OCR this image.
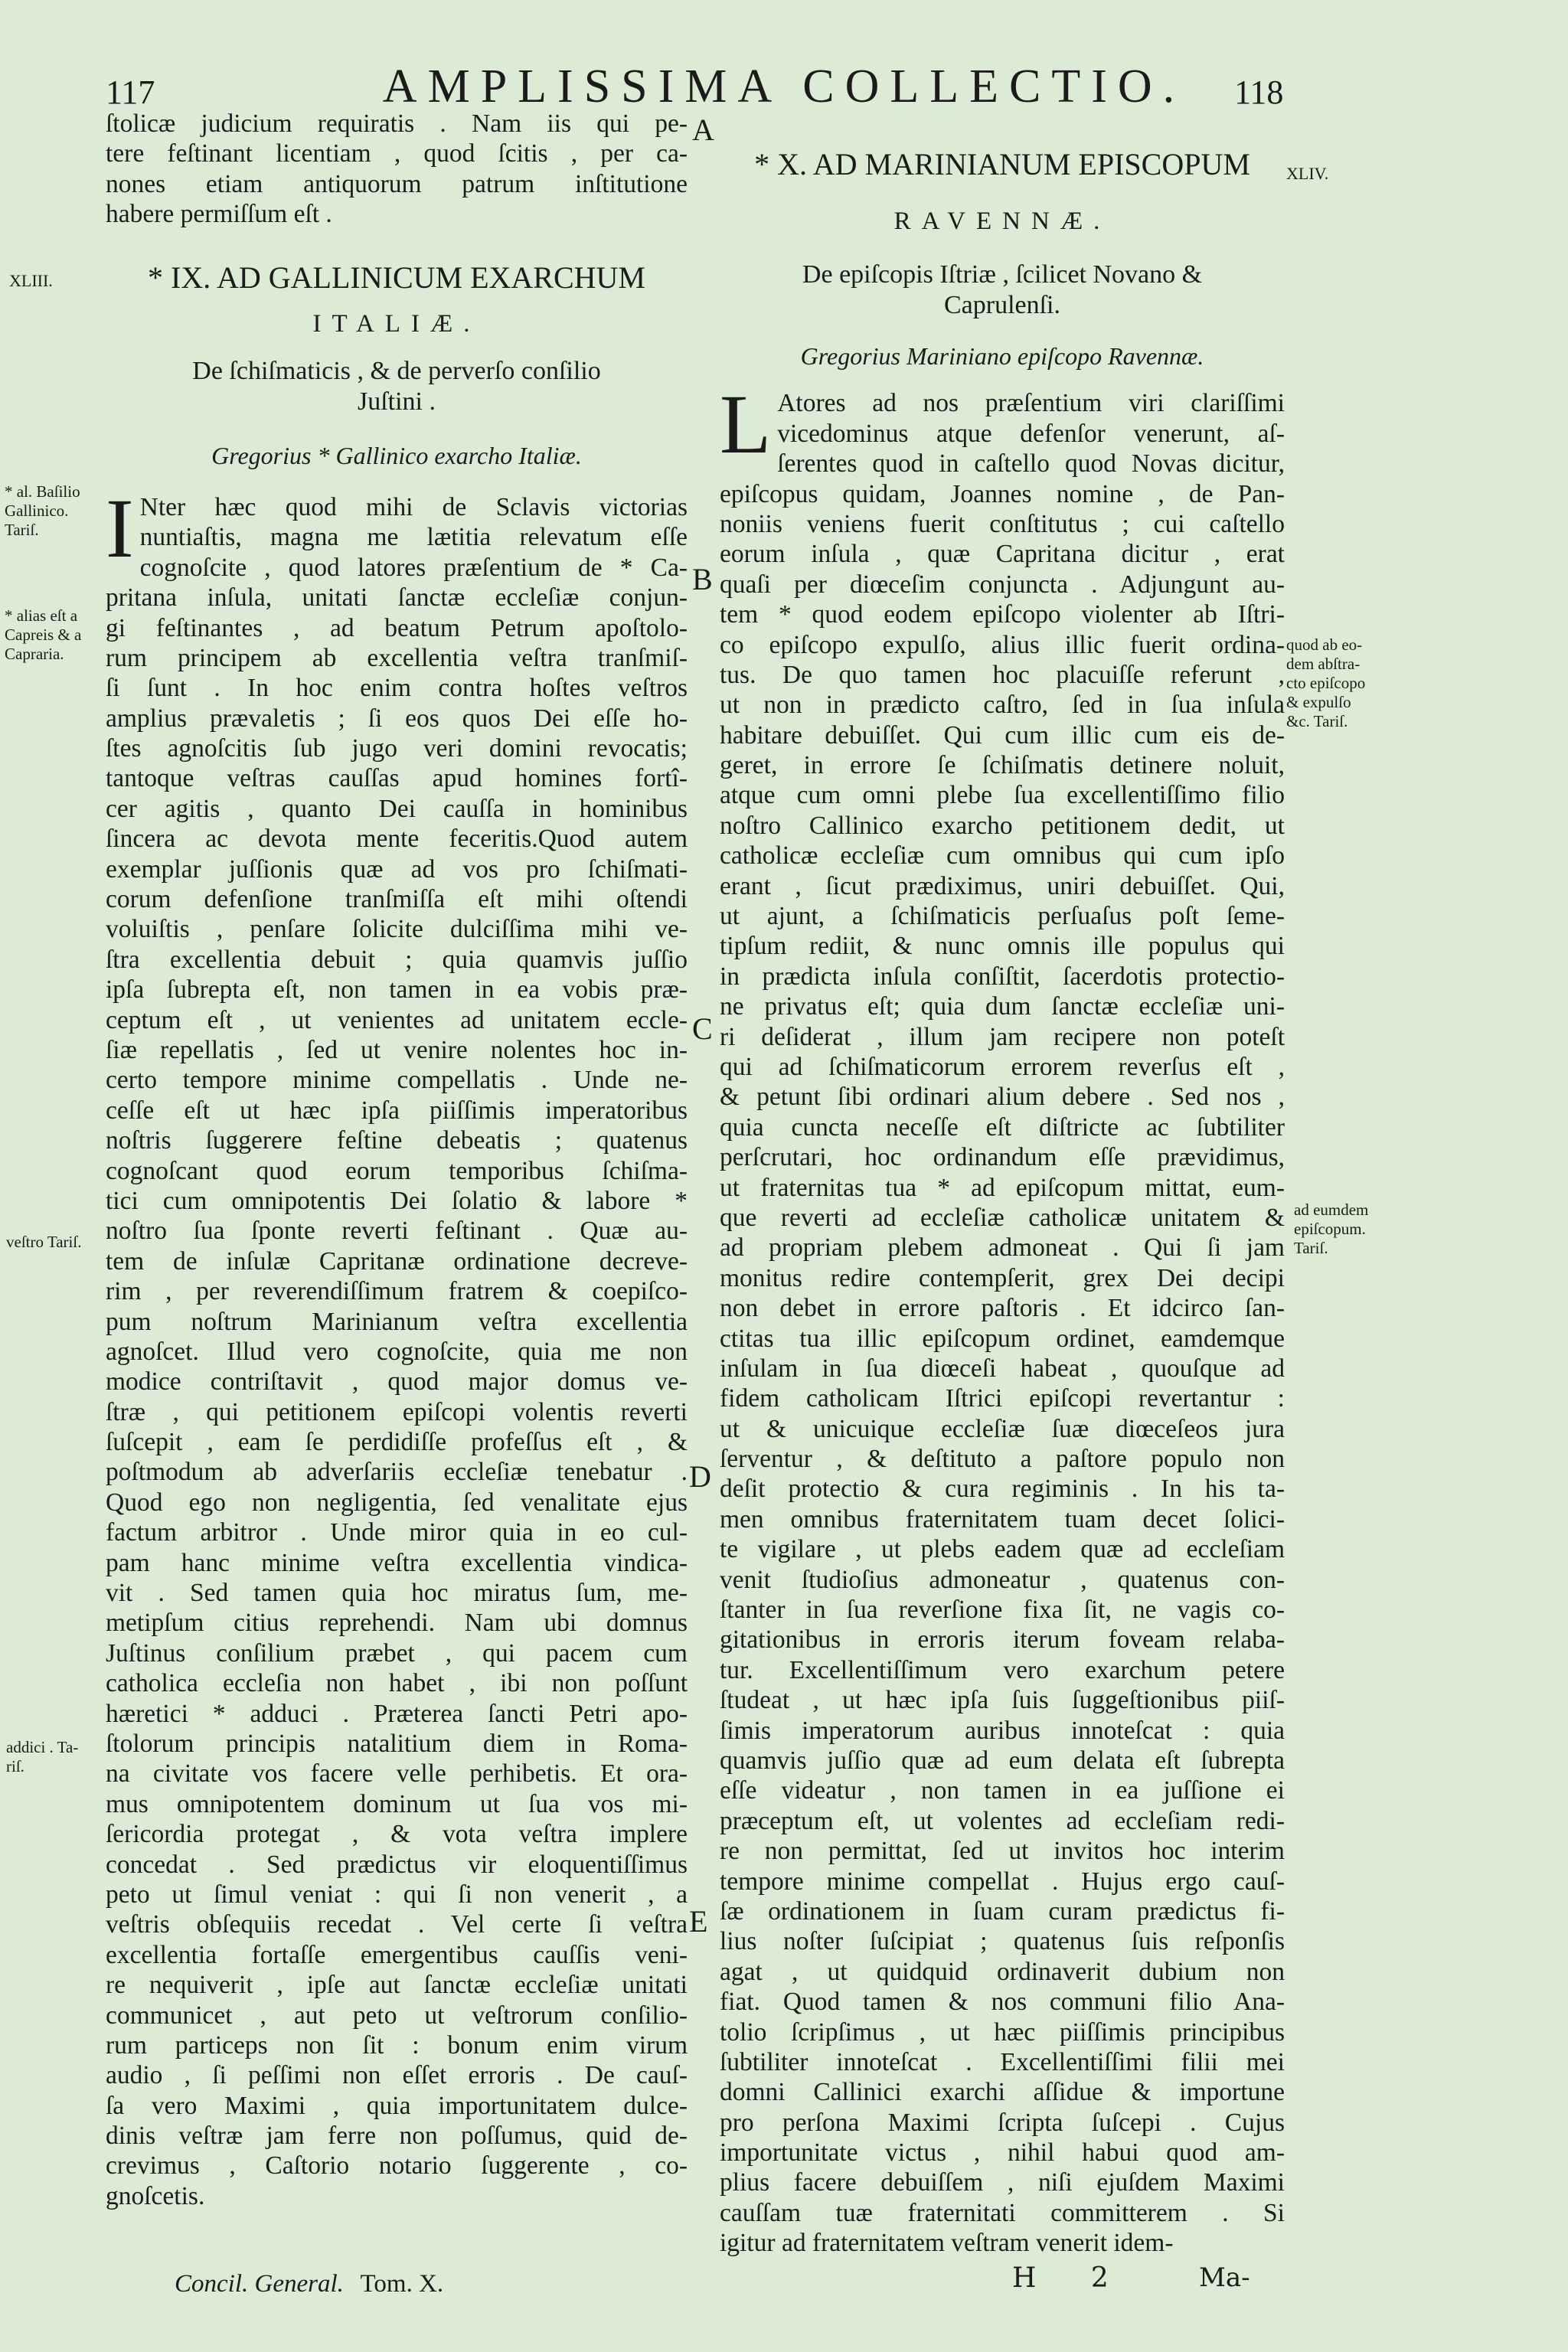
117	AMPLISSIMA COLLECTIO.	118
ſtolicæ judicium requiratis . Nam iis qui pe-
tere feſtinant licentiam , quod ſcitis , per ca-
nones etiam antiquorum patrum inſtitutione
habere permiſſum eſt .

* IX. AD GALLINICUM EXARCHUM

ITALIÆ.

De ſchiſmaticis , & de perverſo conſilio

Juſtini .

Gregorius * Gallinico exarcho Italiæ.

I Nter hæc quod mihi de Sclavis victorias
nuntiaſtis, magna me lætitia relevatum eſſe
cognoſcite , quod latores præſentium de * Ca-
pritana inſula, unitati ſanctæ eccleſiæ conjun-
gi feſtinantes , ad beatum Petrum apoſtolo-
rum principem ab excellentia veſtra tranſmiſ-
ſi ſunt . In hoc enim contra hoſtes veſtros
amplius prævaletis ; ſi eos quos Dei eſſe ho-
ſtes agnoſcitis ſub jugo veri domini revocatis;
tantoque veſtras cauſſas apud homines fortî-
cer agitis , quanto Dei cauſſa in hominibus
ſincera ac devota mente feceritis.Quod autem
exemplar juſſionis quæ ad vos pro ſchiſmati-
corum defenſione tranſmiſſa eſt mihi oſtendi
voluiſtis , penſare ſolicite dulciſſima mihi ve-
ſtra excellentia debuit ; quia quamvis juſſio
ipſa ſubrepta eſt, non tamen in ea vobis præ-
ceptum eſt , ut venientes ad unitatem eccle-
ſiæ repellatis , ſed ut venire nolentes hoc in-
certo tempore minime compellatis . Unde ne-
ceſſe eſt ut hæc ipſa piiſſimis imperatoribus
noſtris ſuggerere feſtine debeatis ; quatenus
cognoſcant quod eorum temporibus ſchiſma-
tici cum omnipotentis Dei ſolatio & labore *
noſtro ſua ſponte reverti feſtinant . Quæ au-
tem de inſulæ Capritanæ ordinatione decreve-
rim , per reverendiſſimum fratrem & coepiſco-
pum noſtrum Marinianum veſtra excellentia
agnoſcet. Illud vero cognoſcite, quia me non
modice contriſtavit , quod major domus ve-
ſtræ , qui petitionem epiſcopi volentis reverti
ſuſcepit , eam ſe perdidiſſe profeſſus eſt , &
poſtmodum ab adverſariis eccleſiæ tenebatur .
Quod ego non negligentia, ſed venalitate ejus
factum arbitror . Unde miror quia in eo cul-
pam hanc minime veſtra excellentia vindica-
vit . Sed tamen quia hoc miratus ſum, me-
metipſum citius reprehendi. Nam ubi domnus
Juſtinus conſilium præbet , qui pacem cum
catholica eccleſia non habet , ibi non poſſunt
hæretici * adduci . Præterea ſancti Petri apo-
ſtolorum principis natalitium diem in Roma-
na civitate vos facere velle perhibetis. Et ora-
mus omnipotentem dominum ut ſua vos mi-
ſericordia protegat , & vota veſtra implere
concedat . Sed prædictus vir eloquentiſſimus
peto ut ſimul veniat : qui ſi non venerit , a
veſtris obſequiis recedat . Vel certe ſi veſtra
excellentia fortaſſe emergentibus cauſſis veni-
re nequiverit , ipſe aut ſanctæ eccleſiæ unitati
communicet , aut peto ut veſtrorum conſilio-
rum particeps non ſit : bonum enim virum
audio , ſi peſſimi non eſſet erroris . De cauſ-
ſa vero Maximi , quia importunitatem dulce-
dinis veſtræ jam ferre non poſſumus, quid de-
crevimus , Caſtorio notario ſuggerente , co-
gnoſcetis.
A
B
C
D
E

* X. AD MARINIANUM EPISCOPUM

RAVENNÆ.

De epiſcopis Iſtriæ , ſcilicet Novano &

Caprulenſi.

Gregorius Mariniano epiſcopo Ravennæ.

L Atores ad nos præſentium viri clariſſimi
vicedominus atque defenſor venerunt, aſ-
ſerentes quod in caſtello quod Novas dicitur,
epiſcopus quidam, Joannes nomine , de Pan-
noniis veniens fuerit conſtitutus ; cui caſtello
eorum inſula , quæ Capritana dicitur , erat
quaſi per diœceſim conjuncta . Adjungunt au-
tem * quod eodem epiſcopo violenter ab Iſtri-
co epiſcopo expulſo, alius illic fuerit ordina-
tus. De quo tamen hoc placuiſſe referunt ,
ut non in prædicto caſtro, ſed in ſua inſula
habitare debuiſſet. Qui cum illic cum eis de-
geret, in errore ſe ſchiſmatis detinere noluit,
atque cum omni plebe ſua excellentiſſimo filio
noſtro Callinico exarcho petitionem dedit, ut
catholicæ eccleſiæ cum omnibus qui cum ipſo
erant , ſicut prædiximus, uniri debuiſſet. Qui,
ut ajunt, a ſchiſmaticis perſuaſus poſt ſeme-
tipſum rediit, & nunc omnis ille populus qui
in prædicta inſula conſiſtit, ſacerdotis protectio-
ne privatus eſt; quia dum ſanctæ eccleſiæ uni-
ri deſiderat , illum jam recipere non poteſt
qui ad ſchiſmaticorum errorem reverſus eſt ,
& petunt ſibi ordinari alium debere . Sed nos ,
quia cuncta neceſſe eſt diſtricte ac ſubtiliter
perſcrutari, hoc ordinandum eſſe prævidimus,
ut fraternitas tua * ad epiſcopum mittat, eum-
que reverti ad eccleſiæ catholicæ unitatem &
ad propriam plebem admoneat . Qui ſi jam
monitus redire contempſerit, grex Dei decipi
non debet in errore paſtoris . Et idcirco ſan-
ctitas tua illic epiſcopum ordinet, eamdemque
inſulam in ſua diœceſi habeat , quouſque ad
fidem catholicam Iſtrici epiſcopi revertantur :
ut & unicuique eccleſiæ ſuæ diœceſeos jura
ſerventur , & deſtituto a paſtore populo non
deſit protectio & cura regiminis . In his ta-
men omnibus fraternitatem tuam decet ſolici-
te vigilare , ut plebs eadem quæ ad eccleſiam
venit ſtudioſius admoneatur , quatenus con-
ſtanter in ſua reverſione fixa ſit, ne vagis co-
gitationibus in erroris iterum foveam relaba-
tur. Excellentiſſimum vero exarchum petere
ſtudeat , ut hæc ipſa ſuis ſuggeſtionibus piiſ-
ſimis imperatorum auribus innoteſcat : quia
quamvis juſſio quæ ad eum delata eſt ſubrepta
eſſe videatur , non tamen in ea juſſione ei
præceptum eſt, ut volentes ad eccleſiam redi-
re non permittat, ſed ut invitos hoc interim
tempore minime compellat . Hujus ergo cauſ-
ſæ ordinationem in ſuam curam prædictus fi-
lius noſter ſuſcipiat ; quatenus ſuis reſponſis
agat , ut quidquid ordinaverit dubium non
fiat. Quod tamen & nos communi filio Ana-
tolio ſcripſimus , ut hæc piiſſimis principibus
ſubtiliter innoteſcat . Excellentiſſimi filii mei
domni Callinici exarchi aſſidue & importune
pro perſona Maximi ſcripta ſuſcepi . Cujus
importunitate victus , nihil habui quod am-
plius facere debuiſſem , niſi ejuſdem Maximi
cauſſam tuæ fraternitati committerem . Si
igitur ad fraternitatem veſtram venerit idem-
XLIII.
* al. Baſilio
Gallinico.
Tariſ.
* alias eſt a
Capreis & a
Capraria.
veſtro Tariſ.
addici . Ta-
riſ.
XLIV.
quod ab eo-
dem abſtra-
cto epiſcopo
& expulſo
&c. Tariſ.
ad eumdem
epiſcopum.
Tariſ.
Concil. General. Tom. X.	H 2	Ma-
